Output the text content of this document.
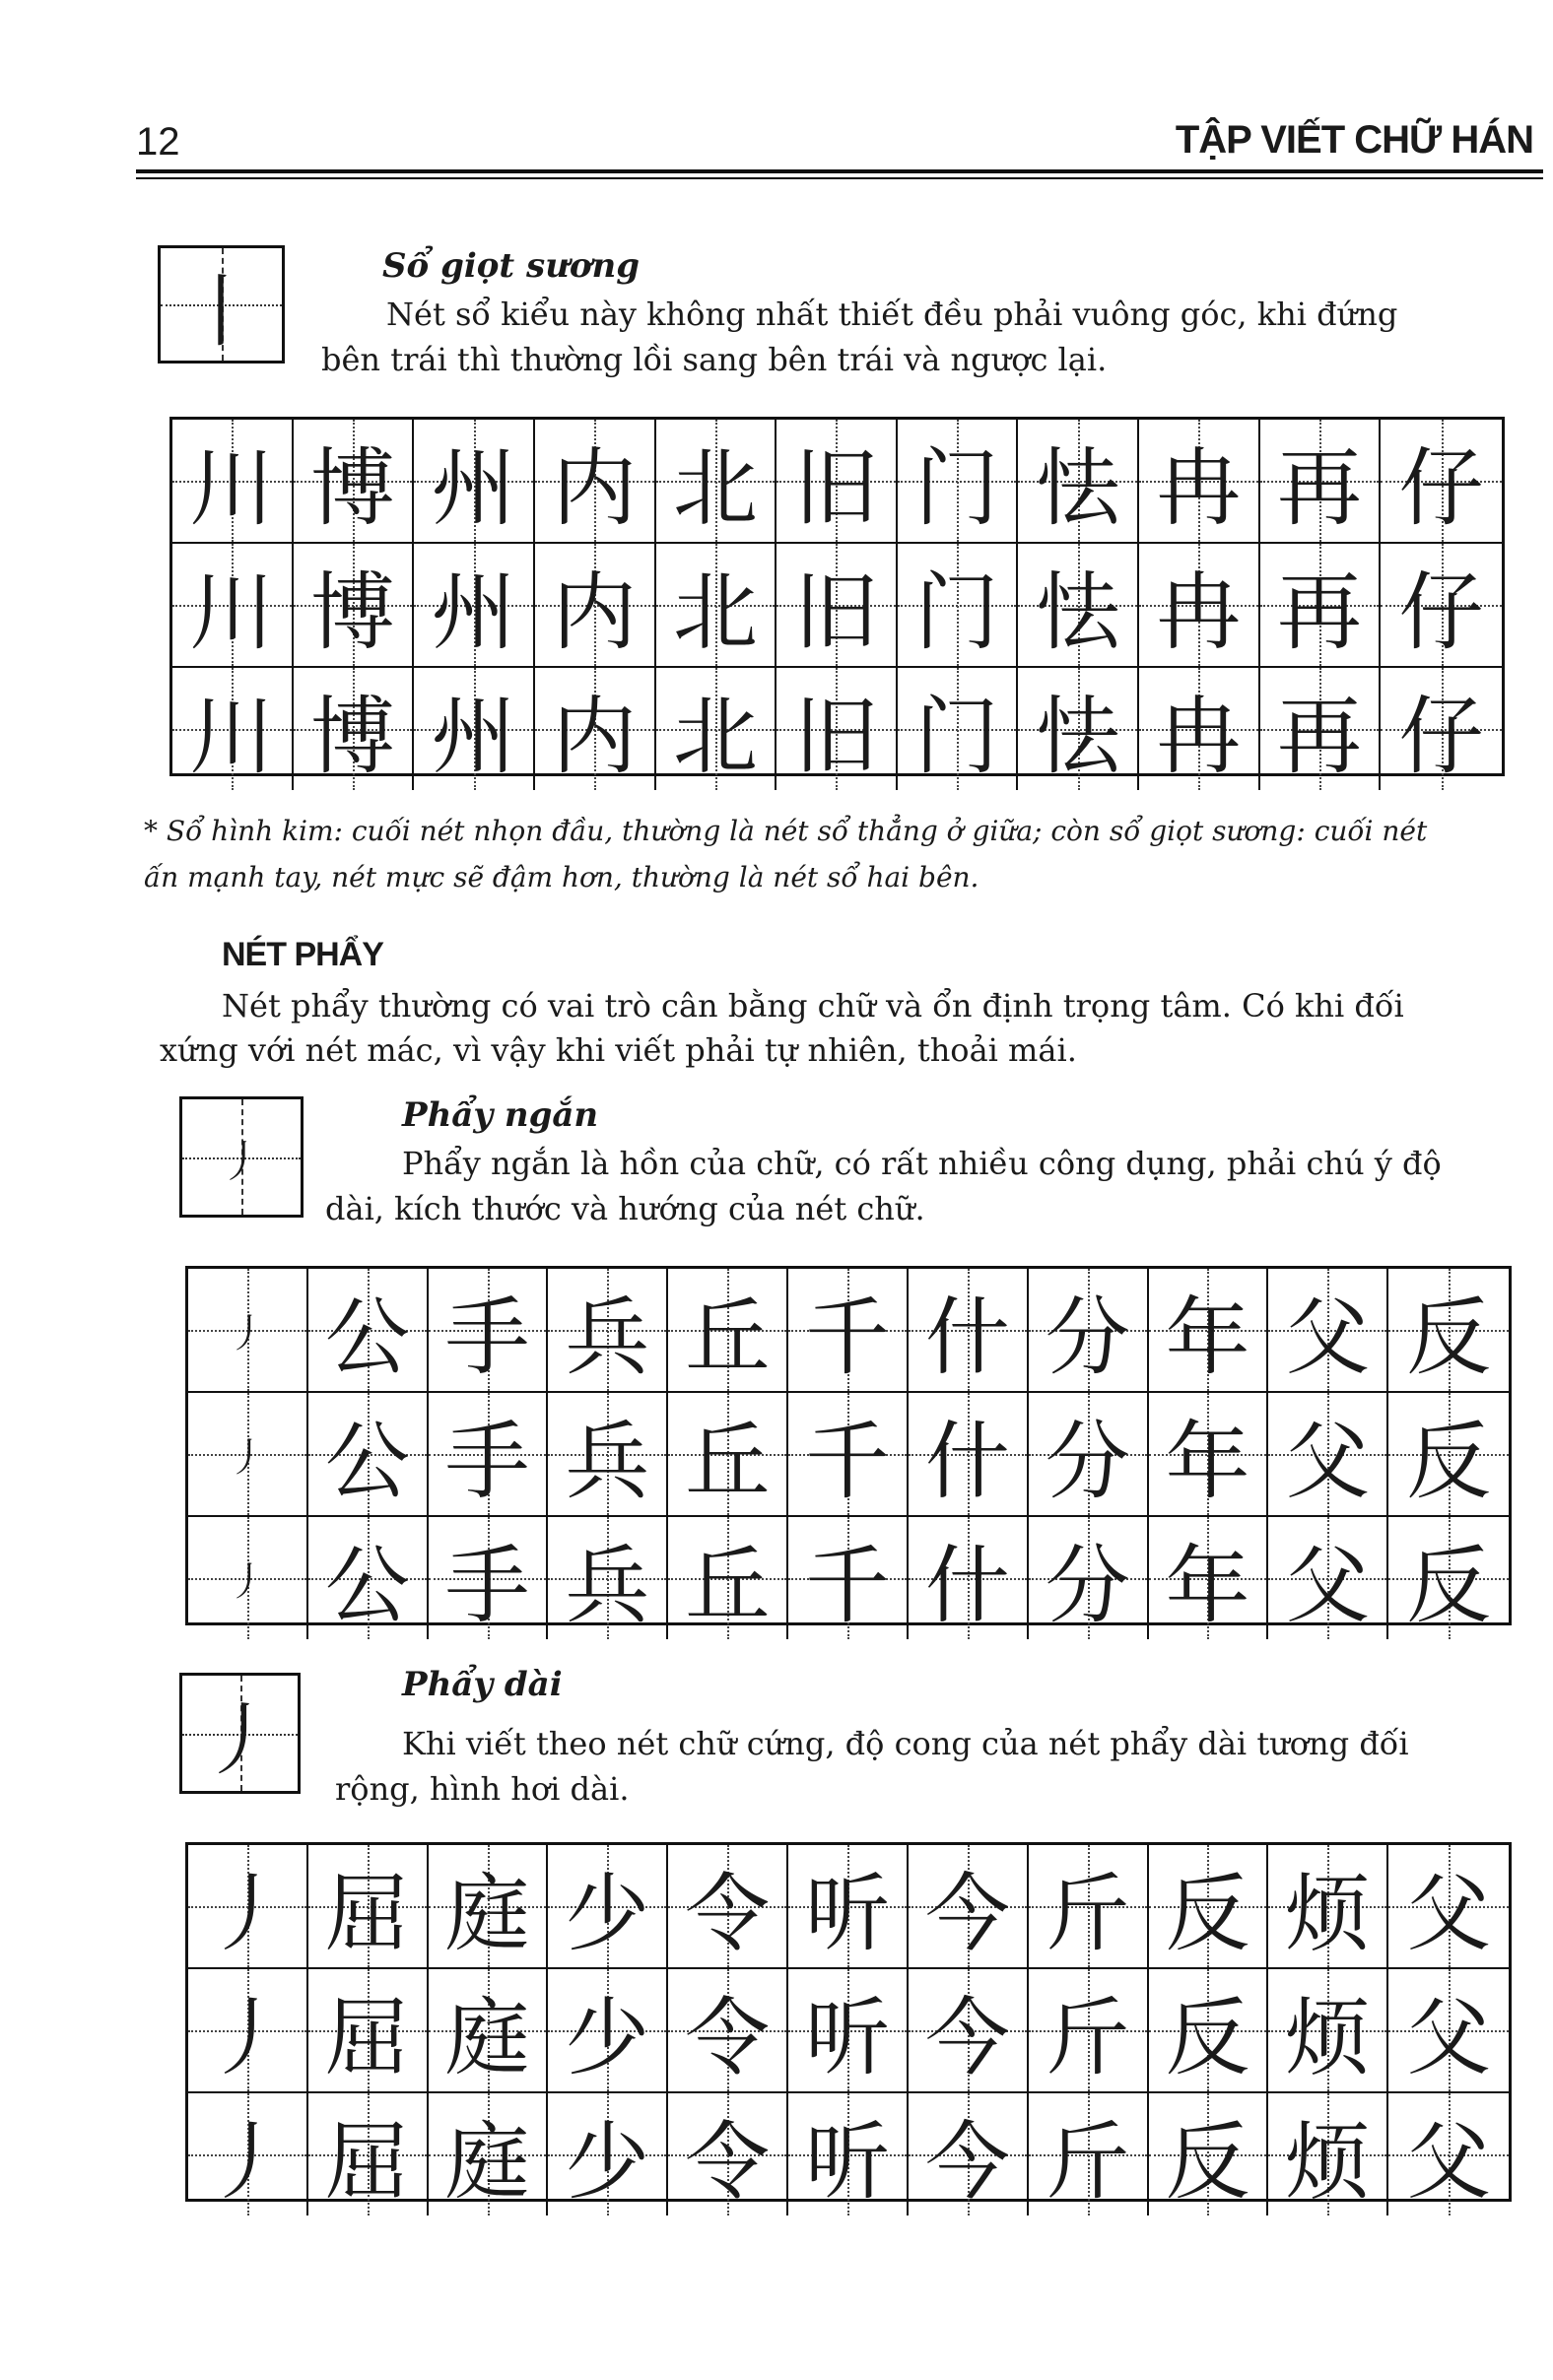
12	TẬP VIẾT CHỮ HÁN
丨	Sổ giọt sương
Nét sổ kiểu này không nhất thiết đều phải vuông góc, khi đứng
bên trái thì thường lồi sang bên trái và ngược lại.
川 博 州 内 北 旧 门 怯 冉 再 仔
川 博 州 内 北 旧 门 怯 冉 再 仔
川 博 州 内 北 旧 门 怯 冉 再 仔
* Sổ hình kim: cuối nét nhọn đầu, thường là nét sổ thẳng ở giữa; còn sổ giọt sương: cuối nét
ấn mạnh tay, nét mực sẽ đậm hơn, thường là nét sổ hai bên.
NÉT PHẨY
Nét phẩy thường có vai trò cân bằng chữ và ổn định trọng tâm. Có khi đối
xứng với nét mác, vì vậy khi viết phải tự nhiên, thoải mái.
丿
Phẩy ngắn
Phẩy ngắn là hồn của chữ, có rất nhiều công dụng, phải chú ý độ
dài, kích thước và hướng của nét chữ.
丿 公 手 兵 丘 千 什 分 年 父 反
丿 公 手 兵 丘 千 什 分 年 父 反
丿 公 手 兵 丘 千 什 分 年 父 反
丿
Phẩy dài
Khi viết theo nét chữ cứng, độ cong của nét phẩy dài tương đối
rộng, hình hơi dài.
丿 屈 庭 少 令 听 今 斤 反 烦 父
丿 屈 庭 少 令 听 今 斤 反 烦 父
丿 屈 庭 少 令 听 今 斤 反 烦 父
